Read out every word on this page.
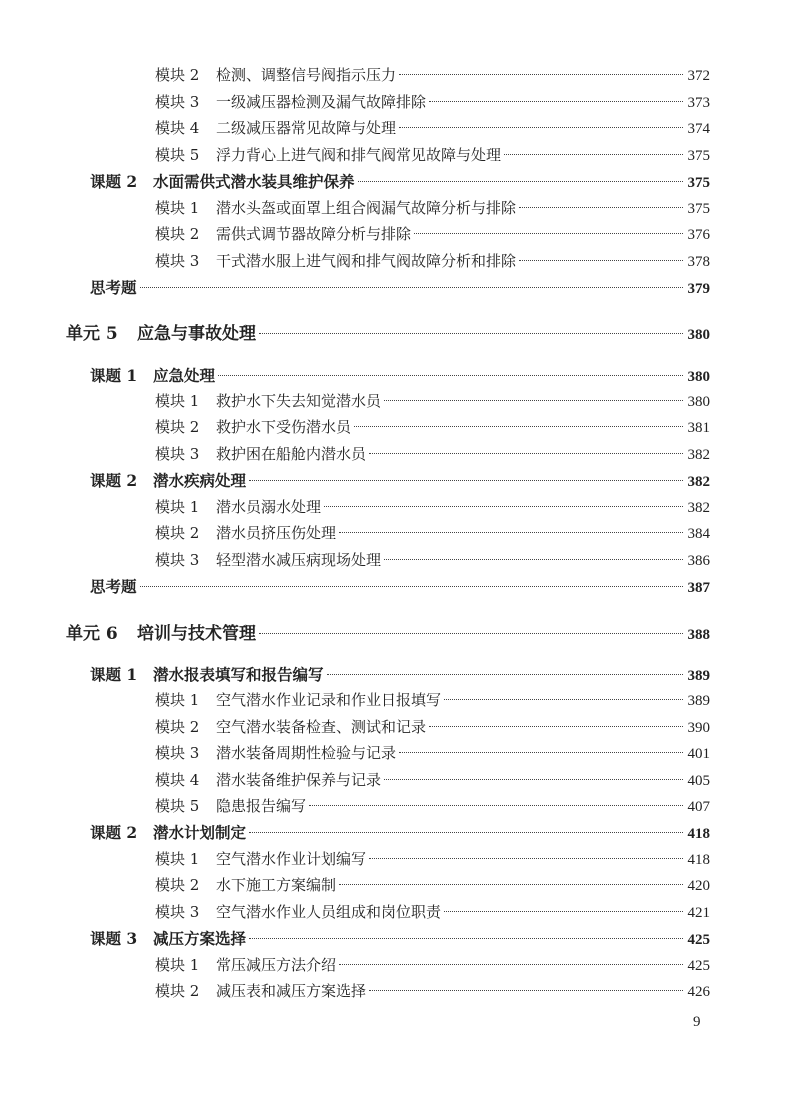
模块 2	检测、调整信号阀指示压力	372
模块 3	一级减压器检测及漏气故障排除	373
模块 4	二级减压器常见故障与处理	374
模块 5	浮力背心上进气阀和排气阀常见故障与处理	375
课题 2	水面需供式潜水装具维护保养	375
模块 1	潜水头盔或面罩上组合阀漏气故障分析与排除	375
模块 2	需供式调节器故障分析与排除	376
模块 3	干式潜水服上进气阀和排气阀故障分析和排除	378
思考题	379
单元 5	应急与事故处理	380
课题 1	应急处理	380
模块 1	救护水下失去知觉潜水员	380
模块 2	救护水下受伤潜水员	381
模块 3	救护困在船舱内潜水员	382
课题 2	潜水疾病处理	382
模块 1	潜水员溺水处理	382
模块 2	潜水员挤压伤处理	384
模块 3	轻型潜水减压病现场处理	386
思考题	387
单元 6	培训与技术管理	388
课题 1	潜水报表填写和报告编写	389
模块 1	空气潜水作业记录和作业日报填写	389
模块 2	空气潜水装备检查、测试和记录	390
模块 3	潜水装备周期性检验与记录	401
模块 4	潜水装备维护保养与记录	405
模块 5	隐患报告编写	407
课题 2	潜水计划制定	418
模块 1	空气潜水作业计划编写	418
模块 2	水下施工方案编制	420
模块 3	空气潜水作业人员组成和岗位职责	421
课题 3	减压方案选择	425
模块 1	常压减压方法介绍	425
模块 2	减压表和减压方案选择	426
9
